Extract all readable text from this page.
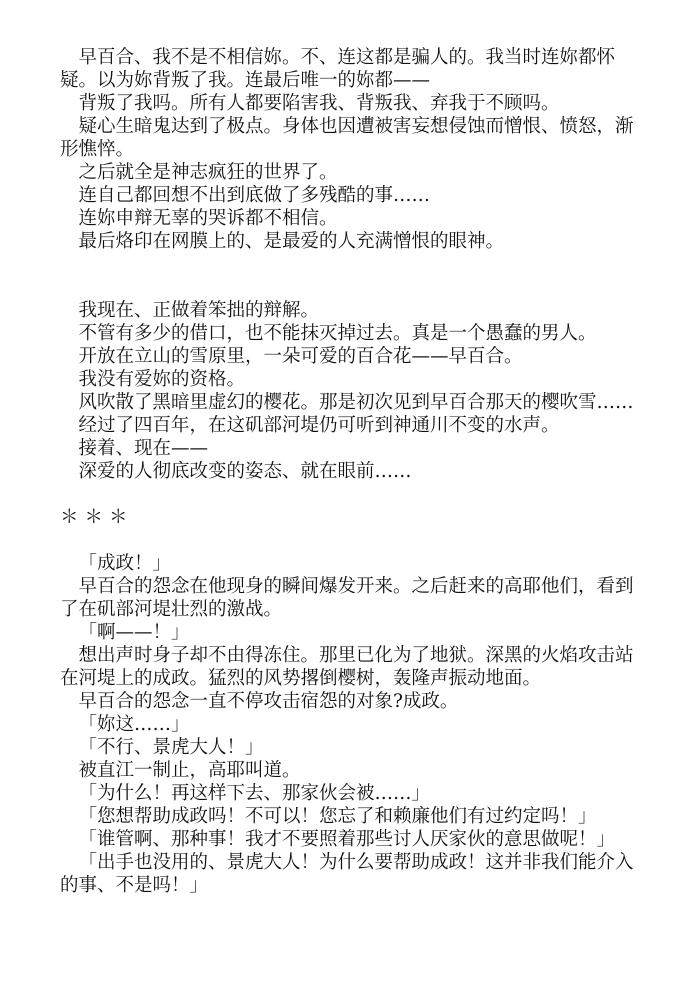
早百合、我不是不相信妳。不、连这都是骗人的。我当时连妳都怀疑。以为妳背叛了我。连最后唯一的妳都——

背叛了我吗。所有人都要陷害我、背叛我、弃我于不顾吗。

疑心生暗鬼达到了极点。身体也因遭被害妄想侵蚀而憎恨、愤怒，渐形憔悴。

之后就全是神志疯狂的世界了。

连自己都回想不出到底做了多残酷的事……

连妳申辩无辜的哭诉都不相信。

最后烙印在网膜上的、是最爱的人充满憎恨的眼神。

我现在、正做着笨拙的辩解。

不管有多少的借口，也不能抹灭掉过去。真是一个愚蠢的男人。

开放在立山的雪原里，一朵可爱的百合花——早百合。

我没有爱妳的资格。

风吹散了黑暗里虚幻的樱花。那是初次见到早百合那天的樱吹雪……

经过了四百年，在这矶部河堤仍可听到神通川不变的水声。

接着、现在——

深爱的人彻底改变的姿态、就在眼前……

＊＊＊

「成政！」

早百合的怨念在他现身的瞬间爆发开来。之后赶来的高耶他们，看到了在矶部河堤壮烈的激战。

「啊——！」

想出声时身子却不由得冻住。那里已化为了地狱。深黑的火焰攻击站在河堤上的成政。猛烈的风势撂倒樱树，轰隆声振动地面。

早百合的怨念一直不停攻击宿怨的对象?成政。

「妳这……」

「不行、景虎大人！」

被直江一制止，高耶叫道。

「为什么！再这样下去、那家伙会被……」

「您想帮助成政吗！不可以！您忘了和赖廉他们有过约定吗！」

「谁管啊、那种事！我才不要照着那些讨人厌家伙的意思做呢！」

「出手也没用的、景虎大人！为什么要帮助成政！这并非我们能介入的事、不是吗！」
